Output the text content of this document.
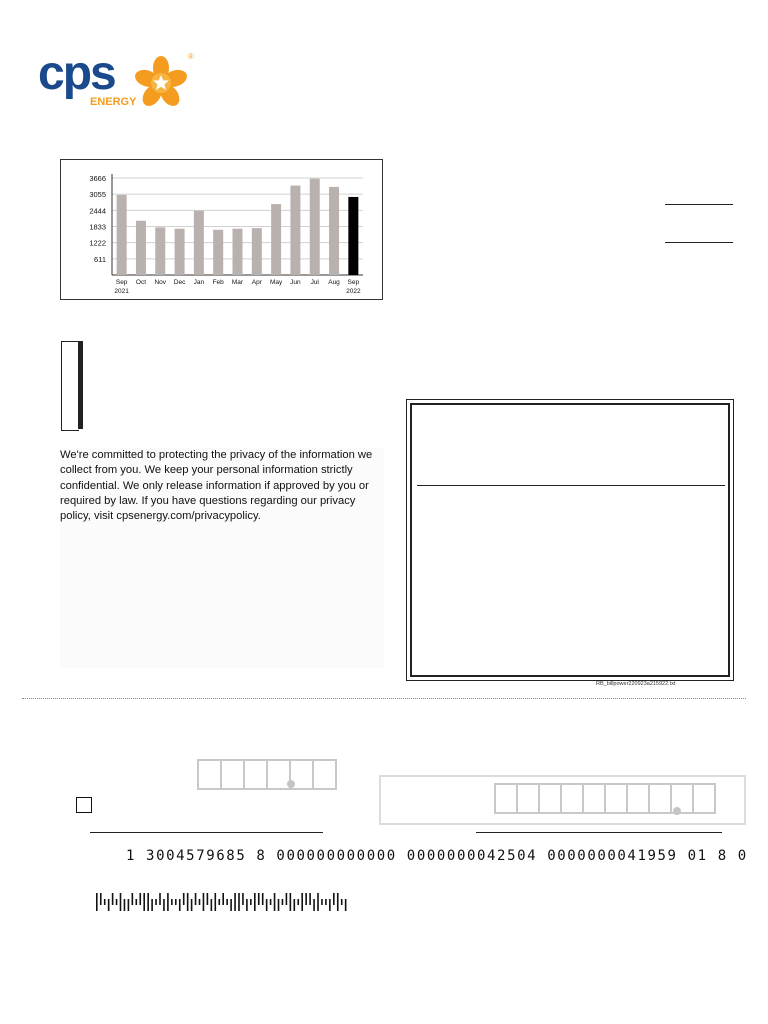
cps
ENERGY
®
3666
3055
2444
1833
1222
611
Sep
2021
Oct Nov Dec Jan Feb Mar Apr May Jun Jul Aug Sep
2022

We're committed to protecting the privacy of the information we collect from you. We keep your personal information strictly confidential. We only release information if approved by you or required by law. If you have questions regarding our privacy policy, visit cpsenergy.com/privacypolicy.
RB_billpower220923a215922.txt
1 3004579685 8 000000000000 0000000042504 0000000041959 01 8 0
